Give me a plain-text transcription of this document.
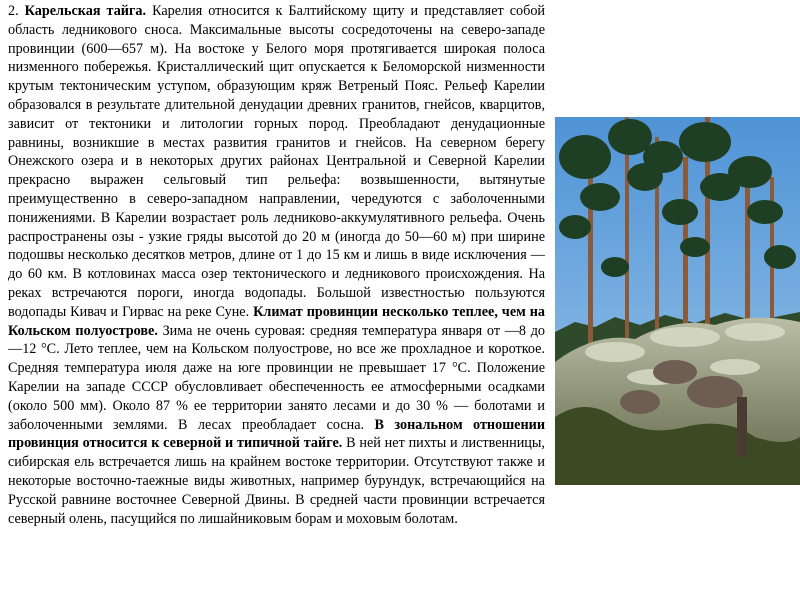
2. Карельская тайга. Карелия относится к Балтийскому щиту и представляет собой область ледникового сноса. Максимальные высоты сосредоточены на северо-западе провинции (600—657 м). На востоке у Белого моря протягивается широкая полоса низменного побережья. Кристаллический щит опускается к Беломорской низменности крутым тектоническим уступом, образующим кряж Ветреный Пояс. Рельеф Карелии образовался в результате длительной денудации древних гранитов, гнейсов, кварцитов, зависит от тектоники и литологии горных пород. Преобладают денудационные равнины, возникшие в местах развития гранитов и гнейсов. На северном берегу Онежского озера и в некоторых других районах Центральной и Северной Карелии прекрасно выражен сельговый тип рельефа: возвышенности, вытянутые преимущественно в северо-западном направлении, чередуются с заболоченными понижениями. В Карелии возрастает роль ледниково-аккумулятивного рельефа. Очень распространены озы - узкие гряды высотой до 20 м (иногда до 50—60 м) при ширине подошвы несколько десятков метров, длине от 1 до 15 км и лишь в виде исключения — до 60 км. В котловинах масса озер тектонического и ледникового происхождения. На реках встречаются пороги, иногда водопады. Большой известностью пользуются водопады Кивач и Гирвас на реке Суне. Климат провинции несколько теплее, чем на Кольском полуострове. Зима не очень суровая: средняя температура января от —8 до —12 °С. Лето теплее, чем на Кольском полуострове, но все же прохладное и короткое. Средняя температура июля даже на юге провинции не превышает 17 °С. Положение Карелии на западе СССР обусловливает обеспеченность ее атмосферными осадками (около 500 мм). Около 87 % ее территории занято лесами и до 30 % — болотами и заболоченными землями. В лесах преобладает сосна. В зональном отношении провинция относится к северной и типичной тайге. В ней нет пихты и лиственницы, сибирская ель встречается лишь на крайнем востоке территории. Отсутствуют также и некоторые восточно-таежные виды животных, например бурундук, встречающийся на Русской равнине восточнее Северной Двины. В средней части провинции встречается северный олень, пасущийся по лишайниковым борам и моховым болотам.
